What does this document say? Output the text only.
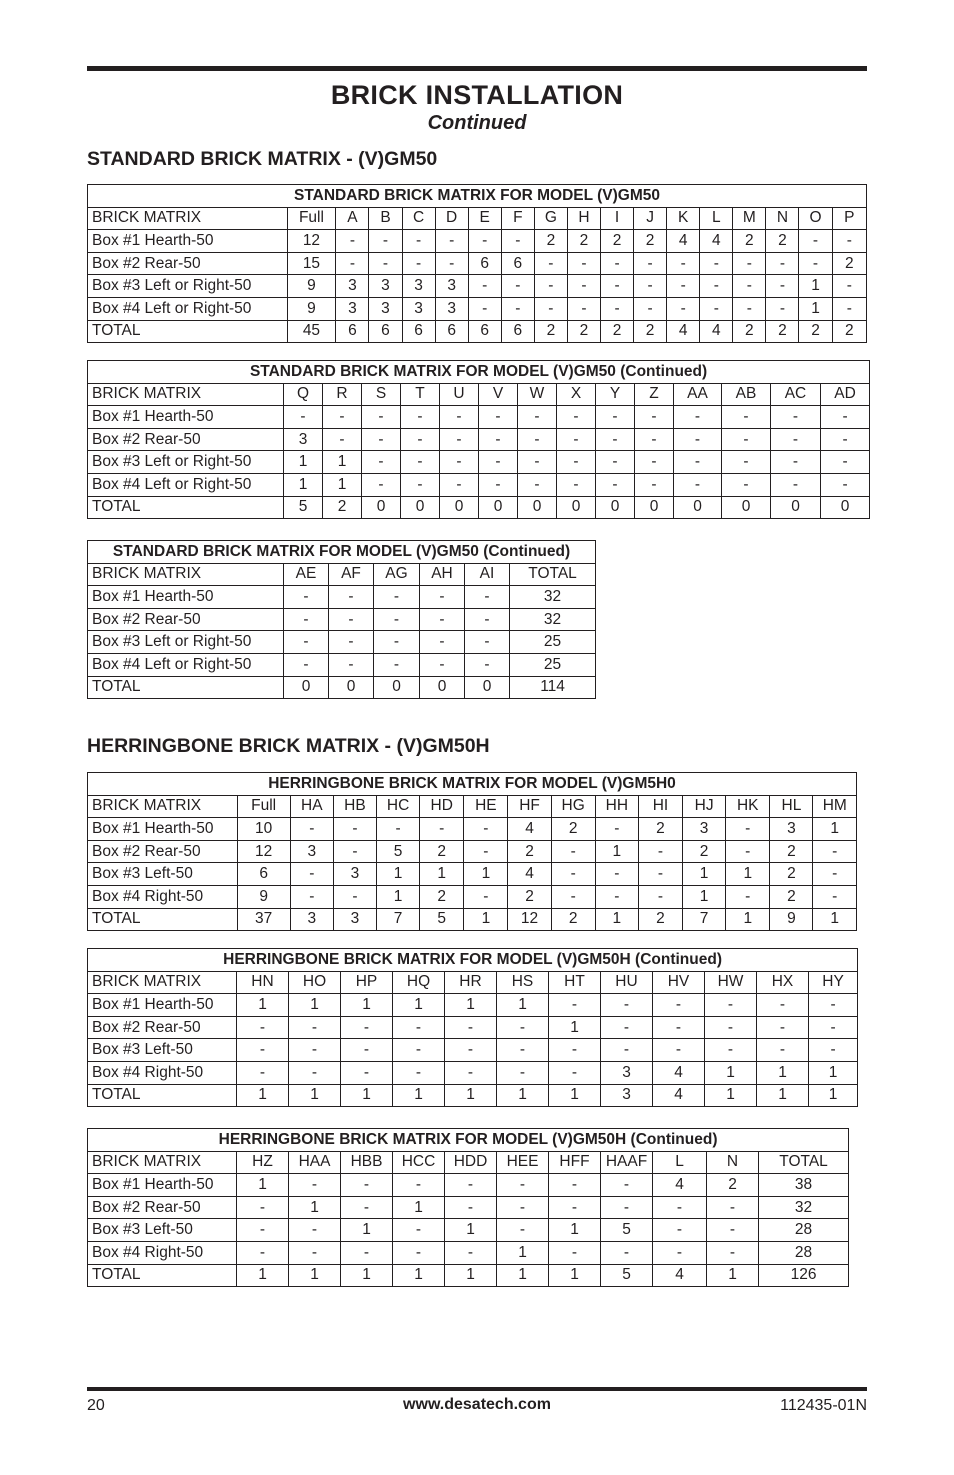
BRICK INSTALLATION
Continued
STANDARD BRICK MATRIX - (V)GM50
STANDARD BRICK MATRIX FOR MODEL (V)GM50																	
BRICK MATRIX	Full	A	B	C	D	E	F	G	H	I	J	K	L	M	N	O	P
Box #1 Hearth-50	12	-	-	-	-	-	-	2	2	2	2	4	4	2	2	-	-
Box #2 Rear-50	15	-	-	-	-	6	6	-	-	-	-	-	-	-	-	-	2
Box #3 Left or Right-50	9	3	3	3	3	-	-	-	-	-	-	-	-	-	-	1	-
Box #4 Left or Right-50	9	3	3	3	3	-	-	-	-	-	-	-	-	-	-	1	-
TOTAL	45	6	6	6	6	6	6	2	2	2	2	4	4	2	2	2	2
STANDARD BRICK MATRIX FOR MODEL (V)GM50 (Continued)														
BRICK MATRIX	Q	R	S	T	U	V	W	X	Y	Z	AA	AB	AC	AD
Box #1 Hearth-50	-	-	-	-	-	-	-	-	-	-	-	-	-	-
Box #2 Rear-50	3	-	-	-	-	-	-	-	-	-	-	-	-	-
Box #3 Left or Right-50	1	1	-	-	-	-	-	-	-	-	-	-	-	-
Box #4 Left or Right-50	1	1	-	-	-	-	-	-	-	-	-	-	-	-
TOTAL	5	2	0	0	0	0	0	0	0	0	0	0	0	0
STANDARD BRICK MATRIX FOR MODEL (V)GM50 (Continued)						
BRICK MATRIX	AE	AF	AG	AH	AI	TOTAL
Box #1 Hearth-50	-	-	-	-	-	32
Box #2 Rear-50	-	-	-	-	-	32
Box #3 Left or Right-50	-	-	-	-	-	25
Box #4 Left or Right-50	-	-	-	-	-	25
TOTAL	0	0	0	0	0	114
HERRINGBONE BRICK MATRIX - (V)GM50H
HERRINGBONE BRICK MATRIX FOR MODEL (V)GM5H0														
BRICK MATRIX	Full	HA	HB	HC	HD	HE	HF	HG	HH	HI	HJ	HK	HL	HM
Box #1 Hearth-50	10	-	-	-	-	-	4	2	-	2	3	-	3	1
Box #2 Rear-50	12	3	-	5	2	-	2	-	1	-	2	-	2	-
Box #3 Left-50	6	-	3	1	1	1	4	-	-	-	1	1	2	-
Box #4 Right-50	9	-	-	1	2	-	2	-	-	-	1	-	2	-
TOTAL	37	3	3	7	5	1	12	2	1	2	7	1	9	1
HERRINGBONE BRICK MATRIX FOR MODEL (V)GM50H (Continued)												
BRICK MATRIX	HN	HO	HP	HQ	HR	HS	HT	HU	HV	HW	HX	HY
Box #1 Hearth-50	1	1	1	1	1	1	-	-	-	-	-	-
Box #2 Rear-50	-	-	-	-	-	-	1	-	-	-	-	-
Box #3 Left-50	-	-	-	-	-	-	-	-	-	-	-	-
Box #4 Right-50	-	-	-	-	-	-	-	3	4	1	1	1
TOTAL	1	1	1	1	1	1	1	3	4	1	1	1
HERRINGBONE BRICK MATRIX FOR MODEL (V)GM50H (Continued)											
BRICK MATRIX	HZ	HAA	HBB	HCC	HDD	HEE	HFF	HAAF	L	N	TOTAL
Box #1 Hearth-50	1	-	-	-	-	-	-	-	4	2	38
Box #2 Rear-50	-	1	-	1	-	-	-	-	-	-	32
Box #3 Left-50	-	-	1	-	1	-	1	5	-	-	28
Box #4 Right-50	-	-	-	-	-	1	-	-	-	-	28
TOTAL	1	1	1	1	1	1	1	5	4	1	126
20	www.desatech.com	112435-01N
